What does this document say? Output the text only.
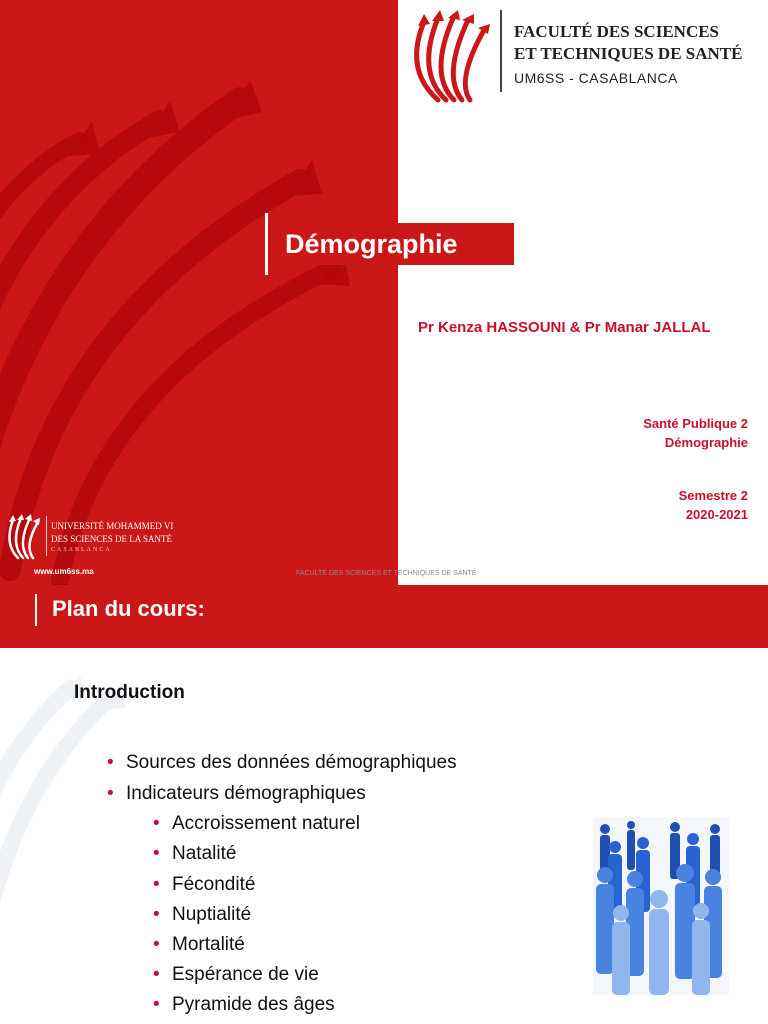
Démographie
FACULTÉ DES SCIENCES
ET TECHNIQUES DE SANTÉ
UM6SS - CASABLANCA
Pr Kenza HASSOUNI & Pr Manar JALLAL
Santé Publique 2
Démographie
Semestre 2
2020-2021
UNIVERSITÉ MOHAMMED VI
DES SCIENCES DE LA SANTÉ
CASABLANCA
www.um6ss.ma	FACULTÉ DES SCIENCES ET TECHNIQUES DE SANTÉ
Plan du cours:
Introduction
• Sources des données démographiques
• Indicateurs démographiques
• Accroissement naturel
• Natalité
• Fécondité
• Nuptialité
• Mortalité
• Espérance de vie
• Pyramide des âges
